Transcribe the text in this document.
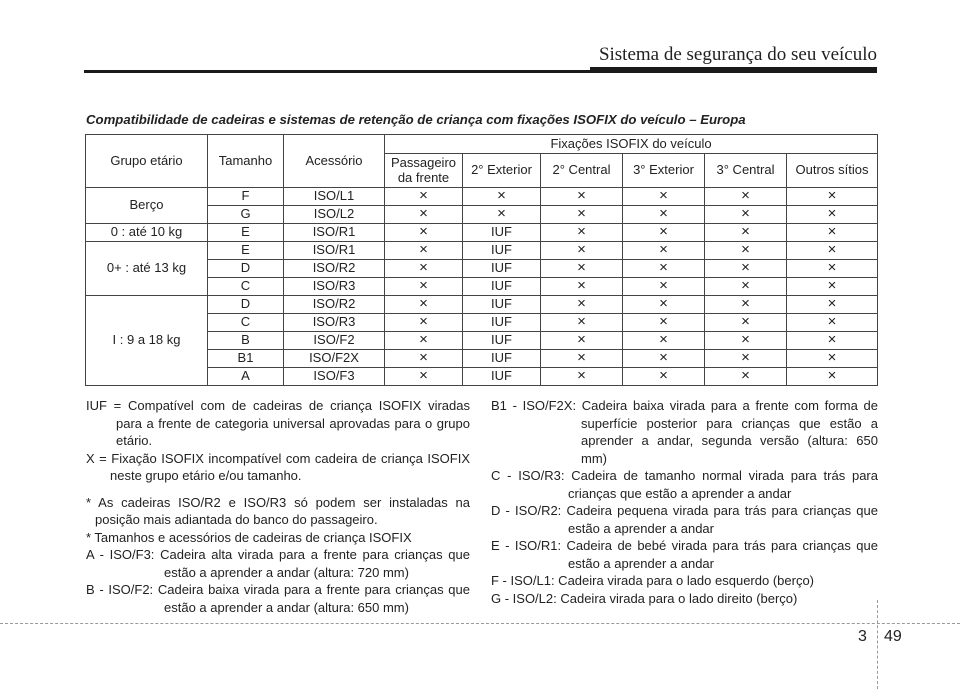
Sistema de segurança do seu veículo
Compatibilidade de cadeiras e sistemas de retenção de criança com fixações ISOFIX do veículo – Europa
Grupo etário	Tamanho	Acessório	Fixações ISOFIX do veículo					
			Passageiro da frente	2° Exterior	2° Central	3° Exterior	3° Central	Outros sítios
Berço	F	ISO/L1	×	×	×	×	×	×
	G	ISO/L2	×	×	×	×	×	×
0 : até 10 kg	E	ISO/R1	×	IUF	×	×	×	×
0+ : até 13 kg	E	ISO/R1	×	IUF	×	×	×	×
	D	ISO/R2	×	IUF	×	×	×	×
	C	ISO/R3	×	IUF	×	×	×	×
I : 9 a 18 kg	D	ISO/R2	×	IUF	×	×	×	×
	C	ISO/R3	×	IUF	×	×	×	×
	B	ISO/F2	×	IUF	×	×	×	×
	B1	ISO/F2X	×	IUF	×	×	×	×
	A	ISO/F3	×	IUF	×	×	×	×
IUF = Compatível com de cadeiras de criança ISOFIX viradas para a frente de categoria universal aprovadas para o grupo etário.
X = Fixação ISOFIX incompatível com cadeira de criança ISOFIX neste grupo etário e/ou tamanho.
* As cadeiras ISO/R2 e ISO/R3 só podem ser instaladas na posição mais adiantada do banco do passageiro.
* Tamanhos e acessórios de cadeiras de criança ISOFIX
A - ISO/F3: Cadeira alta virada para a frente para crianças que estão a aprender a andar (altura: 720 mm)
B - ISO/F2: Cadeira baixa virada para a frente para crianças que estão a aprender a andar (altura: 650 mm)
B1 - ISO/F2X: Cadeira baixa virada para a frente com forma de superfície posterior para crianças que estão a aprender a andar, segunda versão (altura: 650 mm)
C - ISO/R3: Cadeira de tamanho normal virada para trás para crianças que estão a aprender a andar
D - ISO/R2: Cadeira pequena virada para trás para crianças que estão a aprender a andar
E - ISO/R1: Cadeira de bebé virada para trás para crianças que estão a aprender a andar
F - ISO/L1: Cadeira virada para o lado esquerdo (berço)
G - ISO/L2: Cadeira virada para o lado direito (berço)
3 49
